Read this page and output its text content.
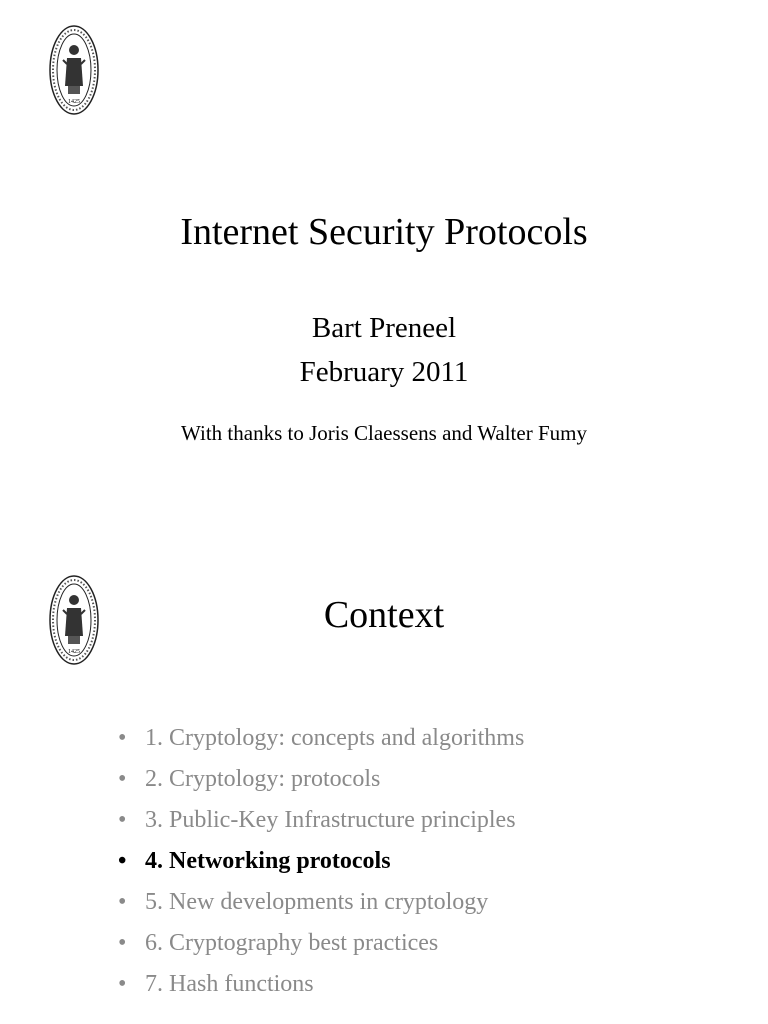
1425
Internet Security Protocols
Bart Preneel
February 2011
With thanks to Joris Claessens and Walter Fumy
1425
Context
• 1. Cryptology: concepts and algorithms
• 2. Cryptology: protocols
• 3. Public-Key Infrastructure principles
• 4. Networking protocols
• 5. New developments in cryptology
• 6. Cryptography best practices
• 7. Hash functions
